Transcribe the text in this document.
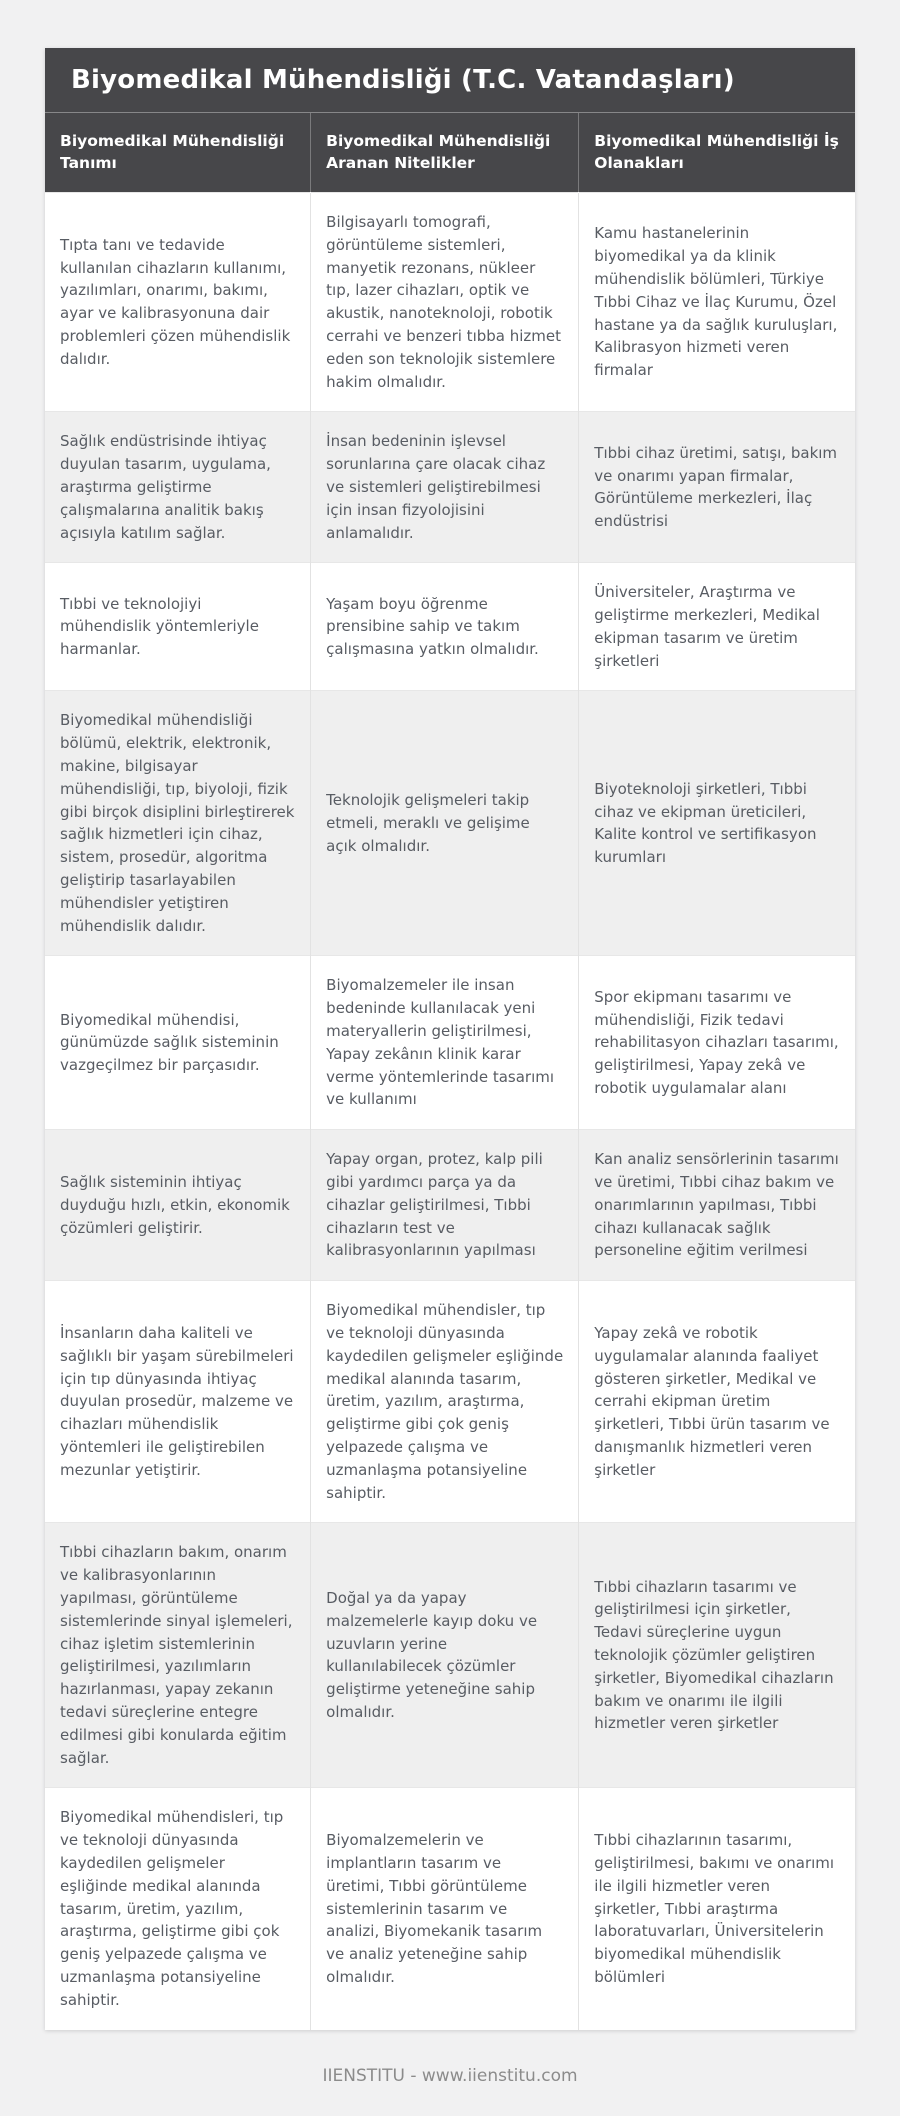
Biyomedikal Mühendisliği (T.C. Vatandaşları)
Biyomedikal Mühendisliği Tanımı	Biyomedikal Mühendisliği Aranan Nitelikler	Biyomedikal Mühendisliği İş Olanakları
Tıpta tanı ve tedavide kullanılan cihazların kullanımı, yazılımları, onarımı, bakımı, ayar ve kalibrasyonuna dair problemleri çözen mühendislik dalıdır.	Bilgisayarlı tomografi, görüntüleme sistemleri, manyetik rezonans, nükleer tıp, lazer cihazları, optik ve akustik, nanoteknoloji, robotik cerrahi ve benzeri tıbba hizmet eden son teknolojik sistemlere hakim olmalıdır.	Kamu hastanelerinin biyomedikal ya da klinik mühendislik bölümleri, Türkiye Tıbbi Cihaz ve İlaç Kurumu, Özel hastane ya da sağlık kuruluşları, Kalibrasyon hizmeti veren firmalar
Sağlık endüstrisinde ihtiyaç duyulan tasarım, uygulama, araştırma geliştirme çalışmalarına analitik bakış açısıyla katılım sağlar.	İnsan bedeninin işlevsel sorunlarına çare olacak cihaz ve sistemleri geliştirebilmesi için insan fizyolojisini anlamalıdır.	Tıbbi cihaz üretimi, satışı, bakım ve onarımı yapan firmalar, Görüntüleme merkezleri, İlaç endüstrisi
Tıbbi ve teknolojiyi mühendislik yöntemleriyle harmanlar.	Yaşam boyu öğrenme prensibine sahip ve takım çalışmasına yatkın olmalıdır.	Üniversiteler, Araştırma ve geliştirme merkezleri, Medikal ekipman tasarım ve üretim şirketleri
Biyomedikal mühendisliği bölümü, elektrik, elektronik, makine, bilgisayar mühendisliği, tıp, biyoloji, fizik gibi birçok disiplini birleştirerek sağlık hizmetleri için cihaz, sistem, prosedür, algoritma geliştirip tasarlayabilen mühendisler yetiştiren mühendislik dalıdır.	Teknolojik gelişmeleri takip etmeli, meraklı ve gelişime açık olmalıdır.	Biyoteknoloji şirketleri, Tıbbi cihaz ve ekipman üreticileri, Kalite kontrol ve sertifikasyon kurumları
Biyomedikal mühendisi, günümüzde sağlık sisteminin vazgeçilmez bir parçasıdır.	Biyomalzemeler ile insan bedeninde kullanılacak yeni materyallerin geliştirilmesi, Yapay zekânın klinik karar verme yöntemlerinde tasarımı ve kullanımı	Spor ekipmanı tasarımı ve mühendisliği, Fizik tedavi rehabilitasyon cihazları tasarımı, geliştirilmesi, Yapay zekâ ve robotik uygulamalar alanı
Sağlık sisteminin ihtiyaç duyduğu hızlı, etkin, ekonomik çözümleri geliştirir.	Yapay organ, protez, kalp pili gibi yardımcı parça ya da cihazlar geliştirilmesi, Tıbbi cihazların test ve kalibrasyonlarının yapılması	Kan analiz sensörlerinin tasarımı ve üretimi, Tıbbi cihaz bakım ve onarımlarının yapılması, Tıbbi cihazı kullanacak sağlık personeline eğitim verilmesi
İnsanların daha kaliteli ve sağlıklı bir yaşam sürebilmeleri için tıp dünyasında ihtiyaç duyulan prosedür, malzeme ve cihazları mühendislik yöntemleri ile geliştirebilen mezunlar yetiştirir.	Biyomedikal mühendisler, tıp ve teknoloji dünyasında kaydedilen gelişmeler eşliğinde medikal alanında tasarım, üretim, yazılım, araştırma, geliştirme gibi çok geniş yelpazede çalışma ve uzmanlaşma potansiyeline sahiptir.	Yapay zekâ ve robotik uygulamalar alanında faaliyet gösteren şirketler, Medikal ve cerrahi ekipman üretim şirketleri, Tıbbi ürün tasarım ve danışmanlık hizmetleri veren şirketler
Tıbbi cihazların bakım, onarım ve kalibrasyonlarının yapılması, görüntüleme sistemlerinde sinyal işlemeleri, cihaz işletim sistemlerinin geliştirilmesi, yazılımların hazırlanması, yapay zekanın tedavi süreçlerine entegre edilmesi gibi konularda eğitim sağlar.	Doğal ya da yapay malzemelerle kayıp doku ve uzuvların yerine kullanılabilecek çözümler geliştirme yeteneğine sahip olmalıdır.	Tıbbi cihazların tasarımı ve geliştirilmesi için şirketler, Tedavi süreçlerine uygun teknolojik çözümler geliştiren şirketler, Biyomedikal cihazların bakım ve onarımı ile ilgili hizmetler veren şirketler
Biyomedikal mühendisleri, tıp ve teknoloji dünyasında kaydedilen gelişmeler eşliğinde medikal alanında tasarım, üretim, yazılım, araştırma, geliştirme gibi çok geniş yelpazede çalışma ve uzmanlaşma potansiyeline sahiptir.	Biyomalzemelerin ve implantların tasarım ve üretimi, Tıbbi görüntüleme sistemlerinin tasarım ve analizi, Biyomekanik tasarım ve analiz yeteneğine sahip olmalıdır.	Tıbbi cihazlarının tasarımı, geliştirilmesi, bakımı ve onarımı ile ilgili hizmetler veren şirketler, Tıbbi araştırma laboratuvarları, Üniversitelerin biyomedikal mühendislik bölümleri
IIENSTITU - www.iienstitu.com
